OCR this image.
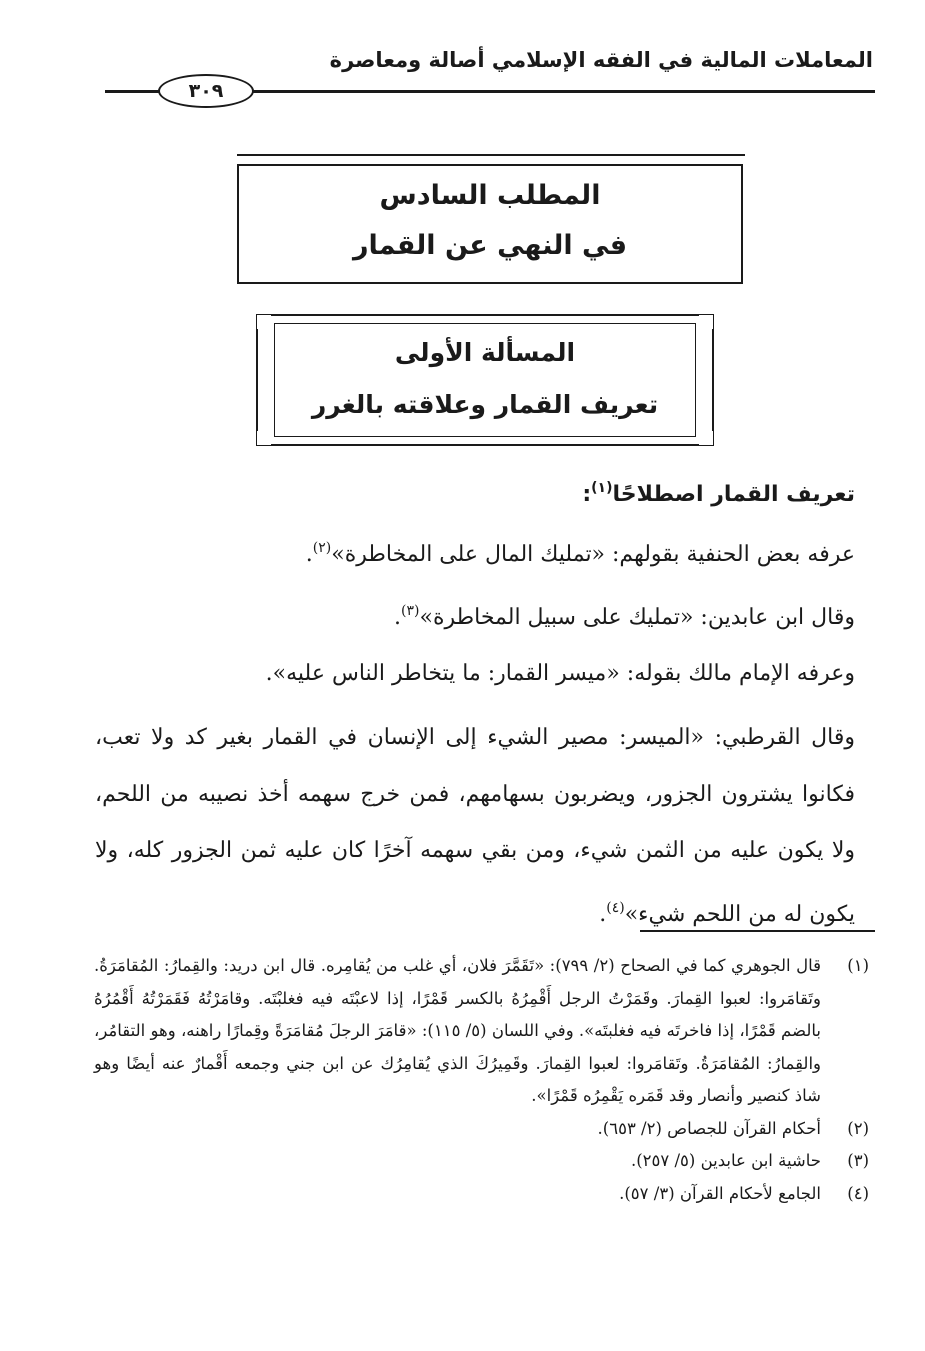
المعاملات المالية في الفقه الإسلامي أصالة ومعاصرة
٣٠٩
المطلب السادس
في النهي عن القمار
المسألة الأولى
تعريف القمار وعلاقته بالغرر
تعريف القمار اصطلاحًا$^{(١)}$:
عرفه بعض الحنفية بقولهم: «تمليك المال على المخاطرة»$^{(٢)}$.
وقال ابن عابدين: «تمليك على سبيل المخاطرة»$^{(٣)}$.
وعرفه الإمام مالك بقوله: «ميسر القمار: ما يتخاطر الناس عليه».
وقال القرطبي: «الميسر: مصير الشيء إلى الإنسان في القمار بغير كد ولا تعب، فكانوا يشترون الجزور، ويضربون بسهامهم، فمن خرج سهمه أخذ نصيبه من اللحم، ولا يكون عليه من الثمن شيء، ومن بقي سهمه آخرًا كان عليه ثمن الجزور كله، ولا يكون له من اللحم شيء»$^{(٤)}$.
(١)
قال الجوهري كما في الصحاح (٢/ ٧٩٩): «تَقَمَّرَ فلان، أي غلب من يُقامِره. قال ابن دريد: والقِمارُ: المُقامَرَةُ. وتَقامَروا: لعبوا القِمارَ. وقَمَرْتُ الرجل أَقْمِرُهُ بالكسر قَمْرًا، إذا لاعبْتَه فيه فغلبْتَه. وقامَرْتُهُ فَقَمَرْتُهُ أَقْمُرُهُ بالضم قَمْرًا، إذا فاخرتَه فيه فغلبتَه». وفي اللسان (٥/ ١١٥): «قامَرَ الرجلَ مُقامَرَةً وقِمارًا راهنه، وهو التقامُر، والقِمارُ: المُقامَرَةُ. وتَقامَروا: لعبوا القِمارَ. وقَمِيرُكَ الذي يُقامِرُك عن ابن جني وجمعه أَقْمارٌ عنه أيضًا وهو شاذ كنصير وأنصار وقد قَمَره يَقْمِرُه قَمْرًا».
(٢)
أحكام القرآن للجصاص (٢/ ٦٥٣).
(٣)
حاشية ابن عابدين (٥/ ٢٥٧).
(٤)
الجامع لأحكام القرآن (٣/ ٥٧).
